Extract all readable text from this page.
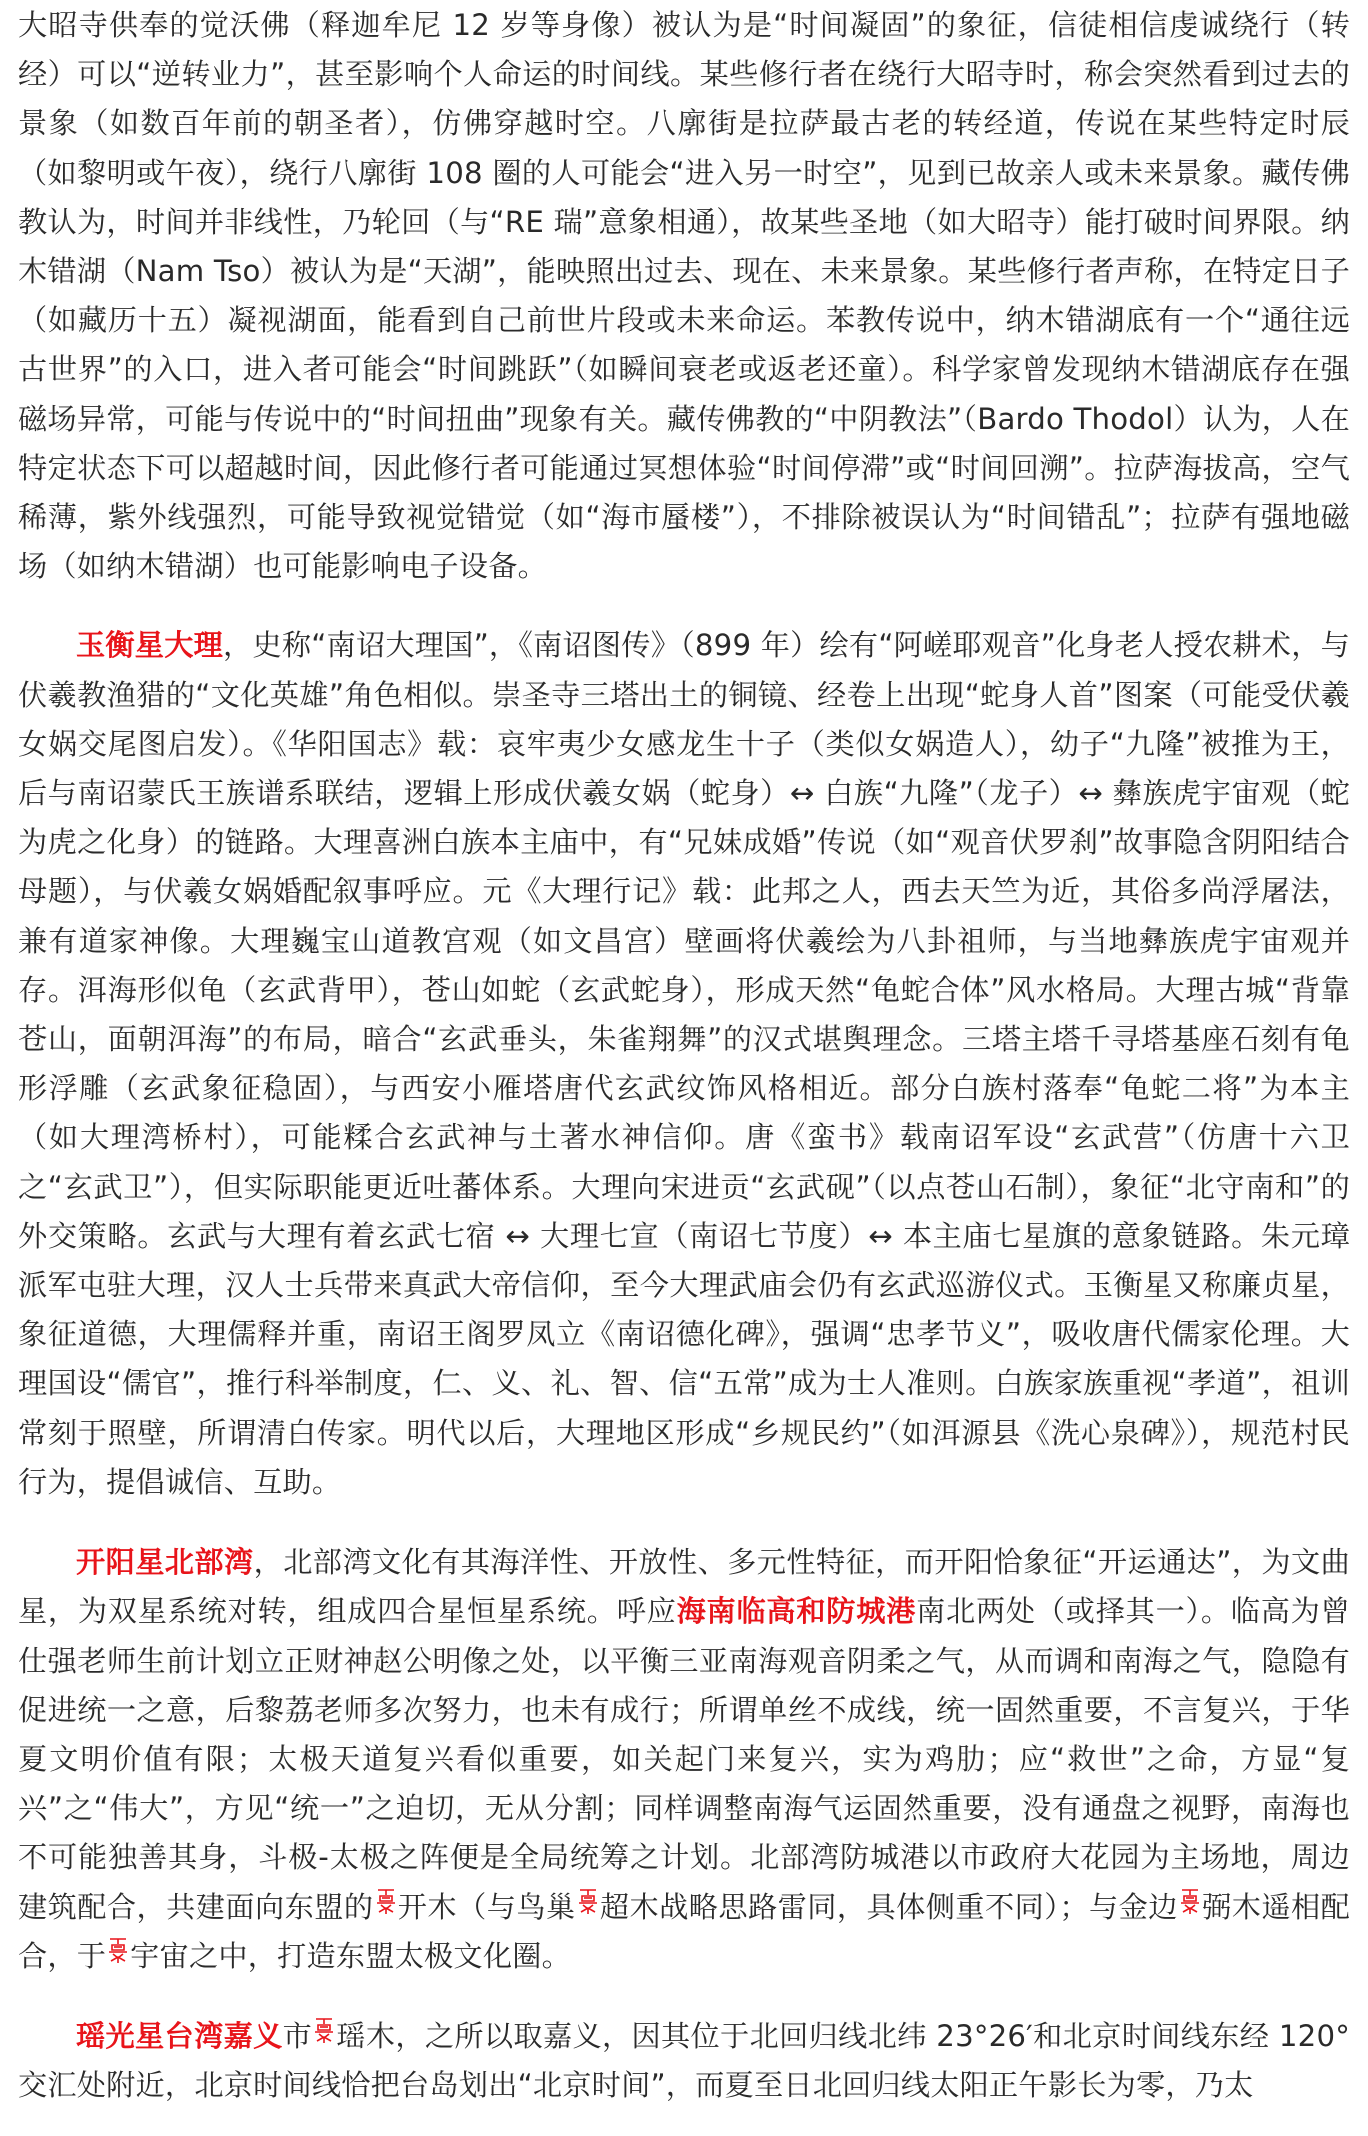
大昭寺供奉的觉沃佛（释迦牟尼 12 岁等身像）被认为是“时间凝固”的象征，信徒相信虔诚绕行（转经）可以“逆转业力”，甚至影响个人命运的时间线。某些修行者在绕行大昭寺时，称会突然看到过去的景象（如数百年前的朝圣者），仿佛穿越时空。八廓街是拉萨最古老的转经道，传说在某些特定时辰（如黎明或午夜），绕行八廓街 108 圈的人可能会“进入另一时空”，见到已故亲人或未来景象。藏传佛教认为，时间并非线性，乃轮回（与“RE 瑞”意象相通），故某些圣地（如大昭寺）能打破时间界限。纳木错湖（Nam Tso）被认为是“天湖”，能映照出过去、现在、未来景象。某些修行者声称，在特定日子（如藏历十五）凝视湖面，能看到自己前世片段或未来命运。苯教传说中，纳木错湖底有一个“通往远古世界”的入口，进入者可能会“时间跳跃”（如瞬间衰老或返老还童）。科学家曾发现纳木错湖底存在强磁场异常，可能与传说中的“时间扭曲”现象有关。藏传佛教的“中阴教法”（Bardo Thodol）认为，人在特定状态下可以超越时间，因此修行者可能通过冥想体验“时间停滞”或“时间回溯”。拉萨海拔高，空气稀薄，紫外线强烈，可能导致视觉错觉（如“海市蜃楼”），不排除被误认为“时间错乱”；拉萨有强地磁场（如纳木错湖）也可能影响电子设备。

玉衡星大理，史称“南诏大理国”，《南诏图传》（899 年）绘有“阿嵯耶观音”化身老人授农耕术，与伏羲教渔猎的“文化英雄”角色相似。崇圣寺三塔出土的铜镜、经卷上出现“蛇身人首”图案（可能受伏羲女娲交尾图启发）。《华阳国志》载：哀牢夷少女感龙生十子（类似女娲造人），幼子“九隆”被推为王，后与南诏蒙氏王族谱系联结，逻辑上形成伏羲女娲（蛇身）↔ 白族“九隆”（龙子）↔ 彝族虎宇宙观（蛇为虎之化身）的链路。大理喜洲白族本主庙中，有“兄妹成婚”传说（如“观音伏罗刹”故事隐含阴阳结合母题），与伏羲女娲婚配叙事呼应。元《大理行记》载：此邦之人，西去天竺为近，其俗多尚浮屠法，兼有道家神像。大理巍宝山道教宫观（如文昌宫）壁画将伏羲绘为八卦祖师，与当地彝族虎宇宙观并存。洱海形似龟（玄武背甲），苍山如蛇（玄武蛇身），形成天然“龟蛇合体”风水格局。大理古城“背靠苍山，面朝洱海”的布局，暗合“玄武垂头，朱雀翔舞”的汉式堪舆理念。三塔主塔千寻塔基座石刻有龟形浮雕（玄武象征稳固），与西安小雁塔唐代玄武纹饰风格相近。部分白族村落奉“龟蛇二将”为本主（如大理湾桥村），可能糅合玄武神与土著水神信仰。唐《蛮书》载南诏军设“玄武营”（仿唐十六卫之“玄武卫”），但实际职能更近吐蕃体系。大理向宋进贡“玄武砚”（以点苍山石制），象征“北守南和”的外交策略。玄武与大理有着玄武七宿 ↔ 大理七宣（南诏七节度）↔ 本主庙七星旗的意象链路。朱元璋派军屯驻大理，汉人士兵带来真武大帝信仰，至今大理武庙会仍有玄武巡游仪式。玉衡星又称廉贞星，象征道德，大理儒释并重，南诏王阁罗凤立《南诏德化碑》，强调“忠孝节义”，吸收唐代儒家伦理。大理国设“儒官”，推行科举制度，仁、义、礼、智、信“五常”成为士人准则。白族家族重视“孝道”，祖训常刻于照壁，所谓清白传家。明代以后，大理地区形成“乡规民约”（如洱源县《洗心泉碑》），规范村民行为，提倡诚信、互助。

开阳星北部湾，北部湾文化有其海洋性、开放性、多元性特征，而开阳恰象征“开运通达”，为文曲星，为双星系统对转，组成四合星恒星系统。呼应海南临高和防城港南北两处（或择其一）。临高为曾仕强老师生前计划立正财神赵公明像之处，以平衡三亚南海观音阴柔之气，从而调和南海之气，隐隐有促进统一之意，后黎荔老师多次努力，也未有成行；所谓单丝不成线，统一固然重要，不言复兴，于华夏文明价值有限；太极天道复兴看似重要，如关起门来复兴，实为鸡肋；应“救世”之命，方显“复兴”之“伟大”，方见“统一”之迫切，无从分割；同样调整南海气运固然重要，没有通盘之视野，南海也不可能独善其身，斗极-太极之阵便是全局统筹之计划。北部湾防城港以市政府大花园为主场地，周边建筑配合，共建面向东盟的 开木（与鸟巢 超木战略思路雷同，具体侧重不同）；与金边 弼木遥相配合，于 宇宙之中，打造东盟太极文化圈。

瑶光星台湾嘉义市 瑶木，之所以取嘉义，因其位于北回归线北纬 23°26′和北京时间线东经 120°交汇处附近，北京时间线恰把台岛划出“北京时间”，而夏至日北回归线太阳正午影长为零，乃太
